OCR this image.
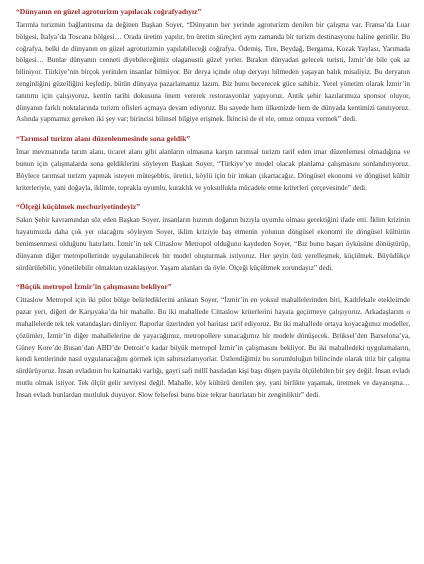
“Dünyanın en güzel agroturizm yapılacak coğrafyadıyız”

Tarımla turizmin bağlantısına da değinen Başkan Soyer, “Dünyanın her yerinde agroturizm denilen bir çalışma var. Fransa’da Luar bölgesi, İtalya’da Toscana bölgesi… Orada üretim yapılır, bu üretim süreçleri aynı zamanda bir turizm destinasyonu haline getirilir. Bu coğrafya, belki de dünyanın en güzel agroturizmin yapılabileceği coğrafya. Ödemiş, Tire, Beydağ, Bergama, Kozak Yaylası, Yarımada bölgesi… Bunlar dünyanın cenneti diyebileceğimiz olaganustü güzel yerler. Bırakın dünyadan gelecek turisti, İzmir’de bile çok az biliniyor. Türkiye’nin birçok yerinden insanlar bilmiyor. Bir derya içinde olup deryayı bilmeden yaşayan balık misaliyiz. Bu deryanın zenginliğini güzelliğini keşfedip, bütün dünyaya pazarlamamız lazım. Biz bunu becerecek güce sahibiz. Yerel yönetim olarak İzmir’in tanıtımı için çalışıyoruz, kentin tarihi dokusuna önem vererek restorasyonlar yapıyoruz. Antik şehir kazılarımıza sponsor oluyor, dünyanın farklı noktalarında turizm ofisleri açmaya devam ediyoruz. Bu sayede hem ülkemizde hem de dünyada kentimizi tanıtıyoruz. Aslında yapmamız gereken iki şey var; birincisi bilinsel bilgiye erişmek. İkincisi de el ele, omuz omuza vermek” dedi.

“Tarımsal turizm alanı düzenlenmesinde sona geldik”

İmar mevzuatında tarım alanı, ticaret alanı gibi alanların olmasına karşın tarımsal turizm tarif eden imar düzenlemesi olmadığına ve bunun için çalışmalarda sona geldiklerini söyleyen Başkan Soyer, “Türkiye’ye model olacak planlama çalışmasını sonlandırıyoruz. Böylece tarımsal turizm yapmak isteyen müteşebbis, üretici, köylü için bir imkan çıkartacağız. Döngüsel ekonomi ve döngüsel kültür kriterleriyle, yani doğayla, iklimle, toprakla uyumlu, kuraklık ve yoksullukla mücadele etme kriterleri çerçevesinde” dedi.

“Ölçeği küçülmek mecburiyetindeyiz”

Sakın Şehir kavramından söz eden Başkan Soyer, insanların hızının doğanın hızıyla uyumlu olması gerektiğini ifade etti. İklim krizinin hayatımızda daha çok yer olacağını söyleyen Soyer, iklim kriziyle baş etmenin yolunun döngüsel ekonomi ile döngüsel kültürün benimsenmesi olduğunu hatırlattı. İzmir’in tek Cittaslow Metropol olduğunu kaydeden Soyer, “Biz bunu başarı öyküsüne dönüştürüp, dünyanın diğer metropollerinde uygulanabilecek bir model oluşturmak istiyoruz. Her şeyin özü yerelleşmek, küçülmek. Büyüdükçe sürdürülebilir, yönetilebilir olmaktan uzaklaşıyor. Yaşam alanları da öyle. Ölçeği küçültmek zorundayız” dedi.

“Büçük metropol İzmir’in çalışmasını bekliyor”

Cittaslow Metropol için iki pilot bölge belirlediklerini anlatan Soyer, “İzmir’in en yoksul mahallelerinden biri, Kadıfekale etekleirnde pazar yeri, diğeri de Karşıyaka’da bir mahalle. Bu iki mahallede Cittaslow kriterlerini hayata geçirmeye çalışıyoruz. Arkadaşlarım o mahallelerde tek tek vatandaşları dinliyor. Raporlar üzerinden yol haritası tarif ediyoruz. Bu iki mahallede ortaya koyacağımız modeller, çözümler, İzmir’in diğer mahallelerine de yayacağımız, metropollere sunacağımız bir modele dönüşecek. Brüksel’den Barselona’ya, Güney Kore’de Busan’dan ABD’de Detroit’e kadar büyük metropol İzmir’in çalışmasını bekliyor. Bu iki mahalledeki uygulamaların, kendi kentlerinde nasıl uygulanacağını görmek için sabırsızlanıyorlar. Üstlendiğimiz bu sorumluluğun bilincinde olarak titiz bir çalışma sürdürüyoruz. İnsan evladının bu kainattaki varlığı, gayri safi millî hasıladan kişi başı düşen payıla ölçülebilen bir şey değil. İnsan evladı mutlu olmak istiyor. Tek ölçüt gelir seviyesi değil. Mahalle, köy kültürü denilen şey, yani birlikte yaşamak, üretmek ve dayanışma… İnsan evladı bunlardan mutluluk duyuyor. Slow felsefesi bunu bize tekrar hatırlatan bir zenginliktir” dedi.
